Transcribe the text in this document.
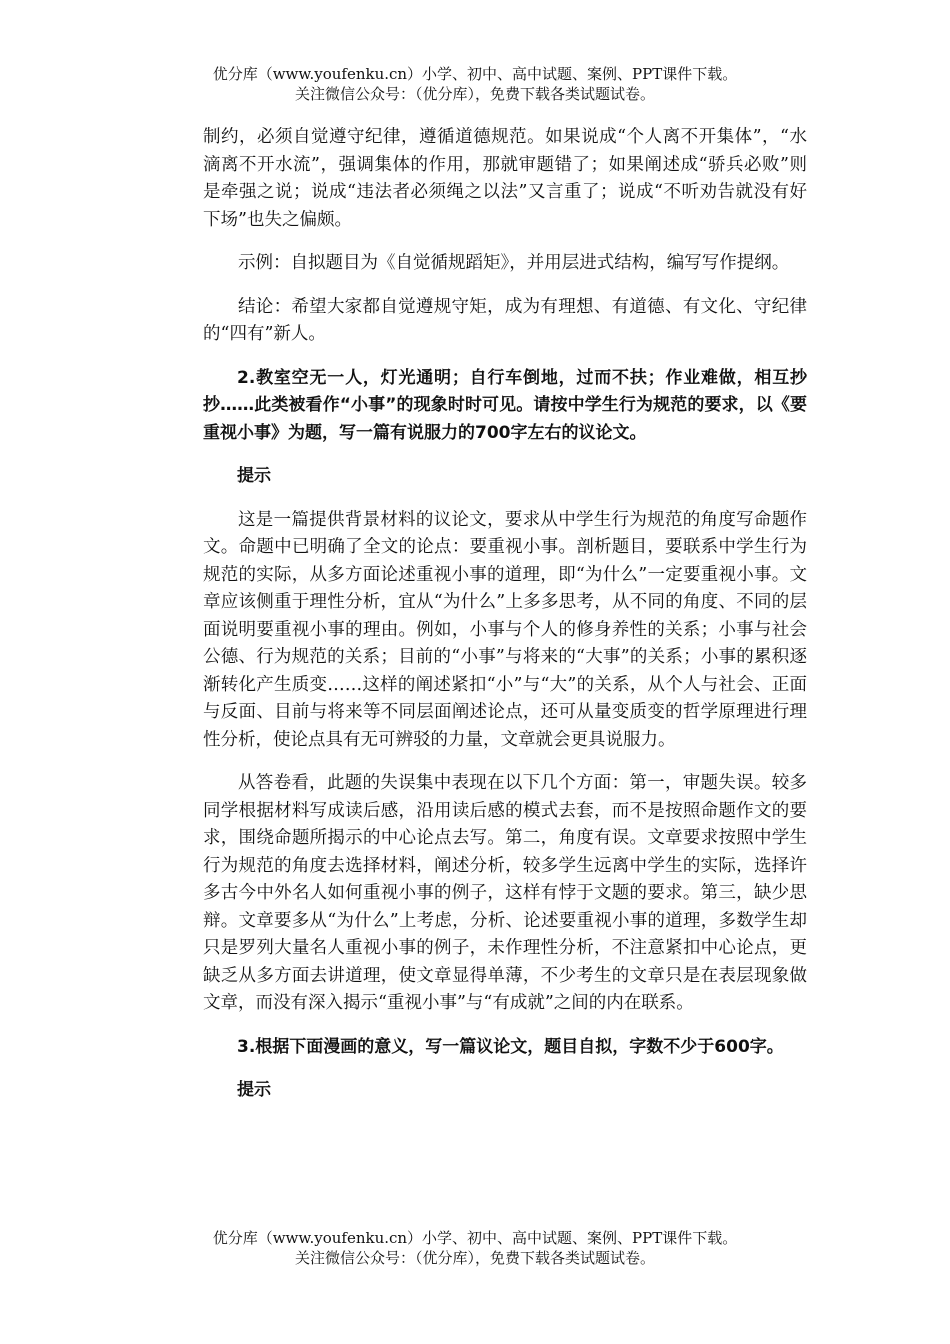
优分库（www.youfenku.cn）小学、初中、高中试题、案例、PPT课件下载。
关注微信公众号：（优分库），免费下载各类试题试卷。

制约，必须自觉遵守纪律，遵循道德规范。如果说成“个人离不开集体”，“水滴离不开水流”，强调集体的作用，那就审题错了；如果阐述成“骄兵必败”则是牵强之说；说成“违法者必须绳之以法”又言重了；说成“不听劝告就没有好下场”也失之偏颇。

示例：自拟题目为《自觉循规蹈矩》，并用层进式结构，编写写作提纲。

结论：希望大家都自觉遵规守矩，成为有理想、有道德、有文化、守纪律的“四有”新人。

2.教室空无一人，灯光通明；自行车倒地，过而不扶；作业难做，相互抄抄……此类被看作“小事”的现象时时可见。请按中学生行为规范的要求，以《要重视小事》为题，写一篇有说服力的700字左右的议论文。

提示

这是一篇提供背景材料的议论文，要求从中学生行为规范的角度写命题作文。命题中已明确了全文的论点：要重视小事。剖析题目，要联系中学生行为规范的实际，从多方面论述重视小事的道理，即“为什么”一定要重视小事。文章应该侧重于理性分析，宜从“为什么”上多多思考，从不同的角度、不同的层面说明要重视小事的理由。例如，小事与个人的修身养性的关系；小事与社会公德、行为规范的关系；目前的“小事”与将来的“大事”的关系；小事的累积逐渐转化产生质变……这样的阐述紧扣“小”与“大”的关系，从个人与社会、正面与反面、目前与将来等不同层面阐述论点，还可从量变质变的哲学原理进行理性分析，使论点具有无可辨驳的力量，文章就会更具说服力。

从答卷看，此题的失误集中表现在以下几个方面：第一，审题失误。较多同学根据材料写成读后感，沿用读后感的模式去套，而不是按照命题作文的要求，围绕命题所揭示的中心论点去写。第二，角度有误。文章要求按照中学生行为规范的角度去选择材料，阐述分析，较多学生远离中学生的实际，选择许多古今中外名人如何重视小事的例子，这样有悖于文题的要求。第三，缺少思辩。文章要多从“为什么”上考虑，分析、论述要重视小事的道理，多数学生却只是罗列大量名人重视小事的例子，未作理性分析，不注意紧扣中心论点，更缺乏从多方面去讲道理，使文章显得单薄，不少考生的文章只是在表层现象做文章，而没有深入揭示“重视小事”与“有成就”之间的内在联系。

3.根据下面漫画的意义，写一篇议论文，题目自拟，字数不少于600字。

提示

优分库（www.youfenku.cn）小学、初中、高中试题、案例、PPT课件下载。
关注微信公众号：（优分库），免费下载各类试题试卷。
